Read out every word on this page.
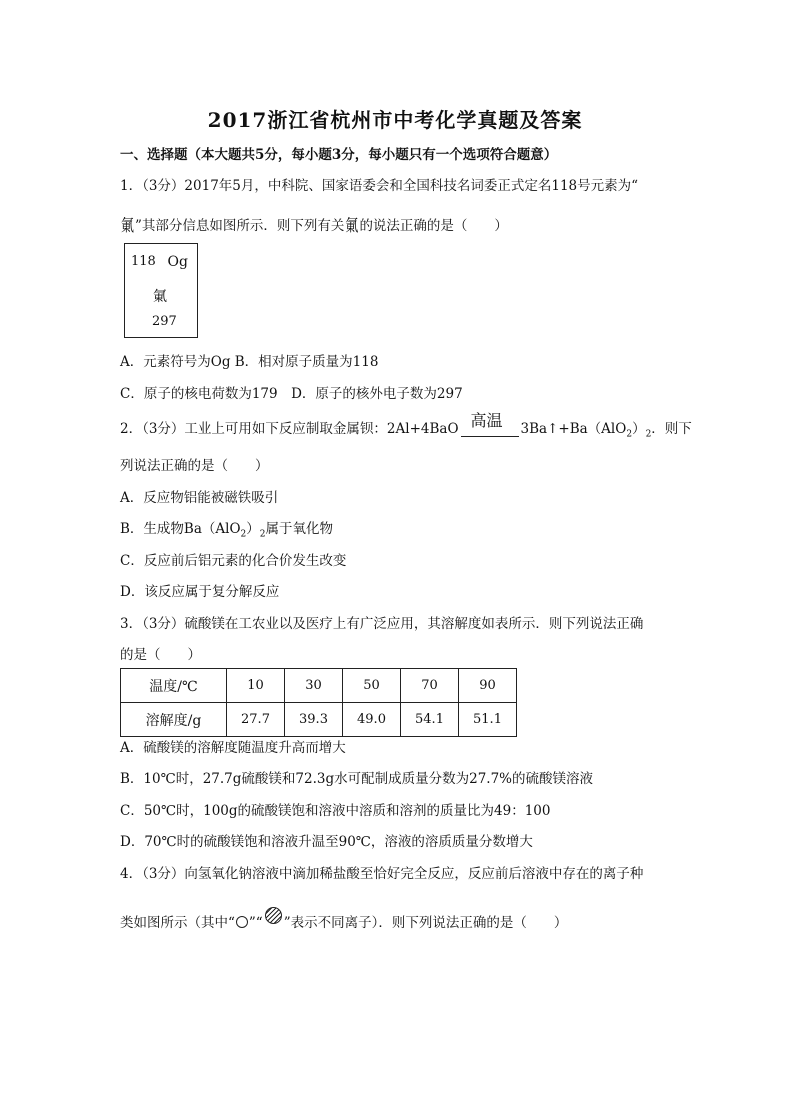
2017浙江省杭州市中考化学真题及答案
一、选择题（本大题共5分，每小题3分，每小题只有一个选项符合题意）
1．（3分）2017年5月，中科院、国家语委会和全国科技名词委正式定名118号元素为“
氭”其部分信息如图所示．则下列有关氭的说法正确的是（　　）
118 Og
氭
297
A．元素符号为Og B．相对原子质量为118
C．原子的核电荷数为179　D．原子的核外电子数为297
2．（3分）工业上可用如下反应制取金属钡：2Al+4BaO 高温 $3Ba↑+Ba(AlO_2)_2$．则下
列说法正确的是（　　）
A．反应物铝能被磁铁吸引
B．生成物$Ba(AlO_2)_2$属于氧化物
C．反应前后铝元素的化合价发生改变
D．该反应属于复分解反应
3．（3分）硫酸镁在工农业以及医疗上有广泛应用，其溶解度如表所示．则下列说法正确
的是（　　）
温度/℃	10	30	50	70	90
溶解度/g	27.7	39.3	49.0	54.1	51.1
A．硫酸镁的溶解度随温度升高而增大
B．10℃时，27.7g硫酸镁和72.3g水可配制成质量分数为27.7%的硫酸镁溶液
C．50℃时，100g的硫酸镁饱和溶液中溶质和溶剂的质量比为49：100
D．70℃时的硫酸镁饱和溶液升温至90℃，溶液的溶质质量分数增大
4．（3分）向氢氧化钠溶液中滴加稀盐酸至恰好完全反应，反应前后溶液中存在的离子种
类如图所示（其中“ ”“ ”表示不同离子）．则下列说法正确的是（　　）
